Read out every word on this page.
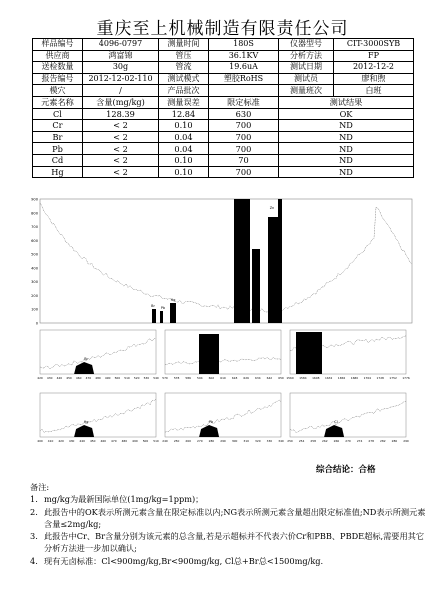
重庆至上机械制造有限责任公司
样品编号	4096-0797	测量时间	180S	仪器型号	CIT-3000SYB
供应商	鸿富锦	管压	36.1KV	分析方法	FP
送检数量	30g	管流	19.6uA	测试日期	2012-12-2
报告编号	2012-12-02-110	测试模式	塑胶RoHS	测试员	廖和煦
模穴	/	产品批次		测量班次	白班
元素名称	含量(mg/kg)	测量误差	限定标准	测试结果	
Cl	128.39	12.84	630	OK	
Cr	< 2	0.10	700	ND	
Br	< 2	0.04	700	ND	
Pb	< 2	0.04	700	ND	
Cd	< 2	0.10	70	ND	
Hg	< 2	0.10	700	ND	
900
800
700
600
500
400
300
200
100
0
Br Pb
Hg
Zn
Br
Br
420 430 440 450 460 470 480 490 500 510 520 530 540 570 578 586 594 602 610 618 626 634 642 650 1560 1584 1608 1632 1656 1680 1704 1728 1752 1776
Hg
400 410 420 430 440 450 460 470 480 490 500 510
Pb
240 250 260 270 280 290 300 310 320 330 340
Cl
250 254 258 262 266 270 274 278 282 286 290
综合结论：合格
备注:
1. mg/kg为最新国际单位(1mg/kg=1ppm)；
2. 此报告中的OK表示所测元素含量在限定标准以内;NG表示所测元素含量超出限定标准值;ND表示所测元素含量≤2mg/kg;
3. 此报告中Cr、Br含量分别为该元素的总含量,若是示超标并不代表六价Cr和PBB、PBDE超标,需要用其它分析方法进一步加以确认;
4. 现有无卤标准：Cl<900mg/kg,Br<900mg/kg, Cl总+Br总<1500mg/kg.
